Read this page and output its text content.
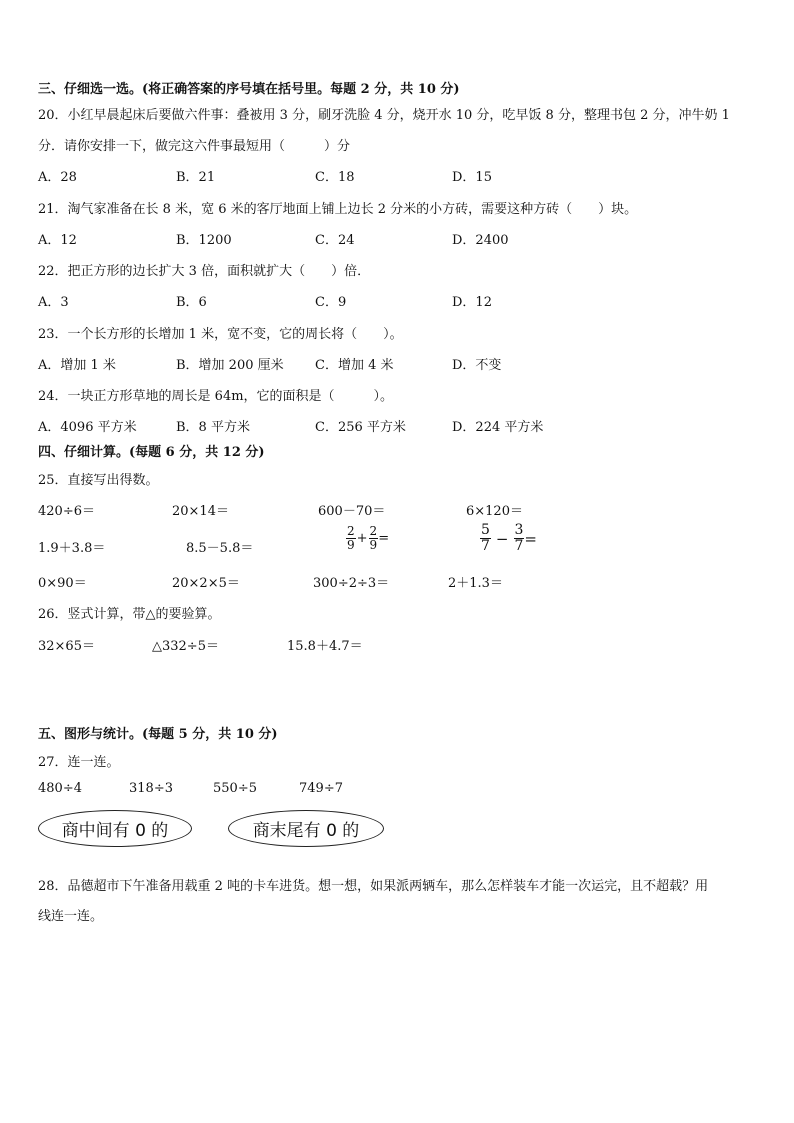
三、仔细选一选。(将正确答案的序号填在括号里。每题 2 分，共 10 分)
20．小红早晨起床后要做六件事：叠被用 3 分，刷牙洗脸 4 分，烧开水 10 分，吃早饭 8 分，整理书包 2 分，冲牛奶 1
分．请你安排一下，做完这六件事最短用（　　　）分
A．28	B．21	C．18	D．15
21．淘气家准备在长 8 米，宽 6 米的客厅地面上铺上边长 2 分米的小方砖，需要这种方砖（　　）块。
A．12	B．1200	C．24	D．2400
22．把正方形的边长扩大 3 倍，面积就扩大（　　）倍．
A．3	B．6	C．9	D．12
23．一个长方形的长增加 1 米，宽不变，它的周长将（　　）。
A．增加 1 米	B．增加 200 厘米 C．增加 4 米	D．不变
24．一块正方形草地的周长是 64m，它的面积是（　　　）。
A．4096 平方米	B．8 平方米	C．256 平方米	D．224 平方米
四、仔细计算。(每题 6 分，共 12 分)
25．直接写出得数。
420÷6＝	20×14＝	600－70＝	6×120＝
1.9＋3.8＝	8.5－5.8＝	$\frac{2}{9} + \frac{2}{9}$ =	$\frac{5}{7} - \frac{3}{7}$ =
0×90＝	20×2×5＝	300÷2÷3＝	2＋1.3＝
26．竖式计算，带△的要验算。
32×65＝	△332÷5＝	15.8＋4.7＝
五、图形与统计。(每题 5 分，共 10 分)
27．连一连。
480÷4	318÷3	550÷5	749÷7
商中间有 0 的	商末尾有 0 的
28．品德超市下午准备用载重 2 吨的卡车进货。想一想，如果派两辆车，那么怎样装车才能一次运完，且不超载？用
线连一连。
